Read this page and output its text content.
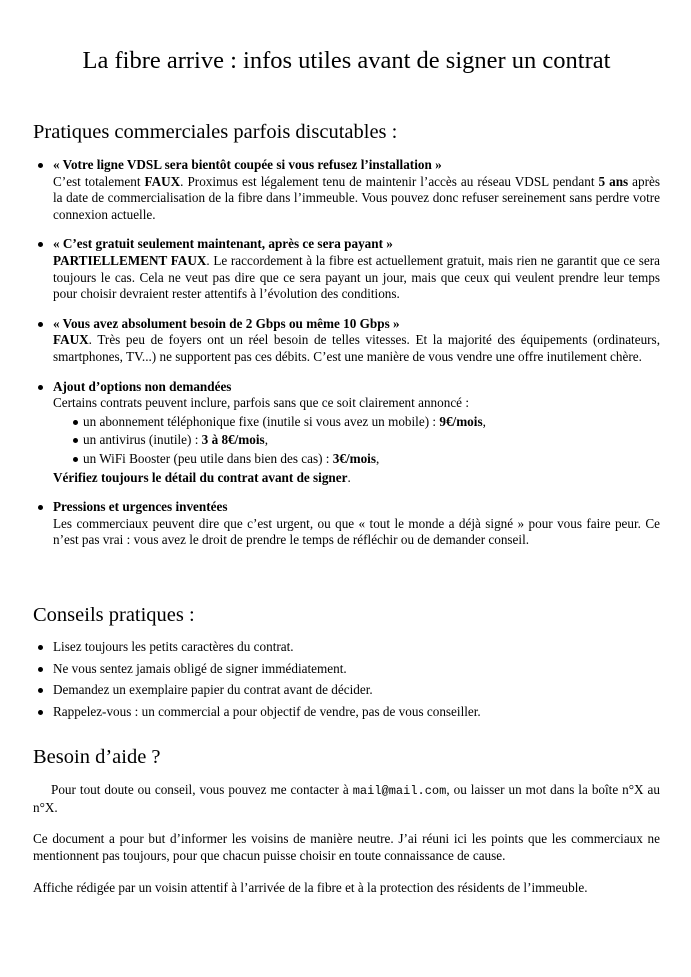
La fibre arrive : infos utiles avant de signer un contrat
Pratiques commerciales parfois discutables :
« Votre ligne VDSL sera bientôt coupée si vous refusez l’installation »
C’est totalement FAUX. Proximus est légalement tenu de maintenir l’accès au réseau VDSL pendant 5 ans après la date de commercialisation de la fibre dans l’immeuble. Vous pouvez donc refuser sereinement sans perdre votre connexion actuelle.
« C’est gratuit seulement maintenant, après ce sera payant »
PARTIELLEMENT FAUX. Le raccordement à la fibre est actuellement gratuit, mais rien ne garantit que ce sera toujours le cas. Cela ne veut pas dire que ce sera payant un jour, mais que ceux qui veulent prendre leur temps pour choisir devraient rester attentifs à l’évolution des conditions.
« Vous avez absolument besoin de 2 Gbps ou même 10 Gbps »
FAUX. Très peu de foyers ont un réel besoin de telles vitesses. Et la majorité des équipements (ordinateurs, smartphones, TV...) ne supportent pas ces débits. C’est une manière de vous vendre une offre inutilement chère.
Ajout d’options non demandées
Certains contrats peuvent inclure, parfois sans que ce soit clairement annoncé :
un abonnement téléphonique fixe (inutile si vous avez un mobile) : 9€/mois,
un antivirus (inutile) : 3 à 8€/mois,
un WiFi Booster (peu utile dans bien des cas) : 3€/mois,
Vérifiez toujours le détail du contrat avant de signer.
Pressions et urgences inventées
Les commerciaux peuvent dire que c’est urgent, ou que « tout le monde a déjà signé » pour vous faire peur. Ce n’est pas vrai : vous avez le droit de prendre le temps de réfléchir ou de demander conseil.
Conseils pratiques :
Lisez toujours les petits caractères du contrat.
Ne vous sentez jamais obligé de signer immédiatement.
Demandez un exemplaire papier du contrat avant de décider.
Rappelez-vous : un commercial a pour objectif de vendre, pas de vous conseiller.
Besoin d’aide ?
Pour tout doute ou conseil, vous pouvez me contacter à mail@mail.com, ou laisser un mot dans la boîte n°X au n°X.
Ce document a pour but d’informer les voisins de manière neutre. J’ai réuni ici les points que les commerciaux ne mentionnent pas toujours, pour que chacun puisse choisir en toute connaissance de cause.
Affiche rédigée par un voisin attentif à l’arrivée de la fibre et à la protection des résidents de l’immeuble.
